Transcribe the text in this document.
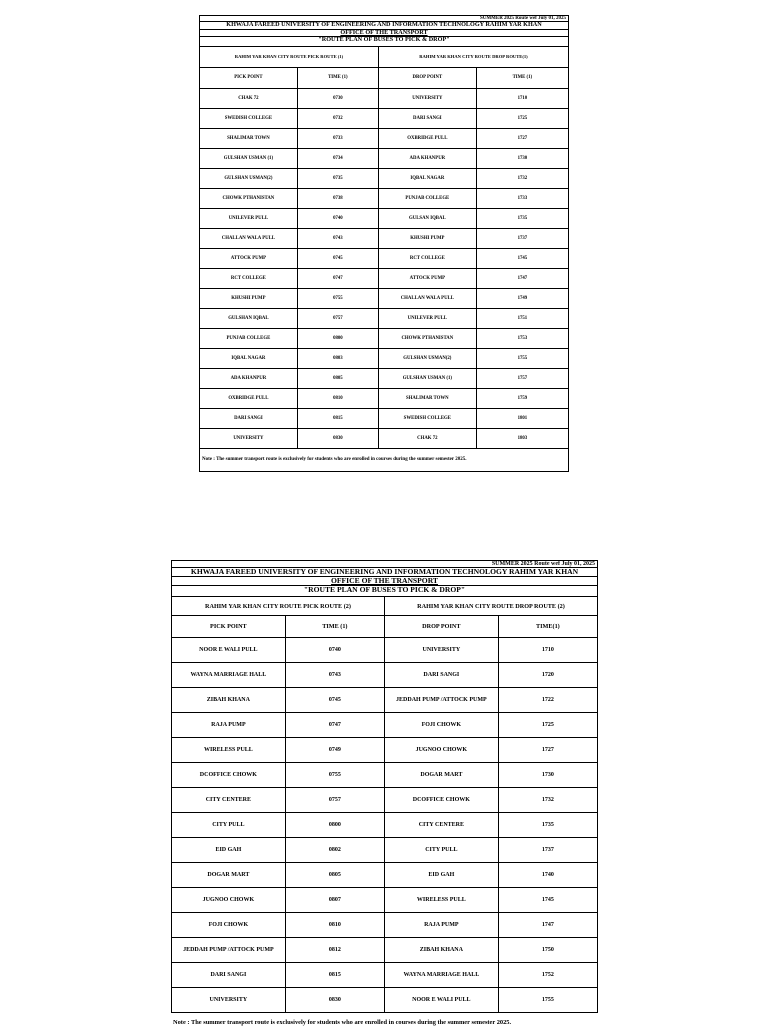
SUMMER 2025 Route wef July 01, 2025			
KHWAJA FAREED UNIVERSITY OF ENGINEERING AND INFORMATION TECHNOLOGY RAHIM YAR KHAN			
OFFICE OF THE TRANSPORT			
"ROUTE PLAN OF BUSES TO PICK & DROP"			
RAHIM YAR KHAN CITY ROUTE PICK ROUTE (1)		RAHIM YAR KHAN CITY ROUTE DROP ROUTE(1)	
PICK POINT	TIME (1)	DROP POINT	TIME (1)
CHAK 72	0730	UNIVERSITY	1710
SWEDISH COLLEGE	0732	DARI SANGI	1725
SHALIMAR TOWN	0733	OXBRIDGE PULL	1727
GULSHAN USMAN (1)	0734	ADA KHANPUR	1730
GULSHAN USMAN(2)	0735	IQBAL NAGAR	1732
CHOWK PTHANISTAN	0738	PUNJAB COLLEGE	1733
UNILEVER PULL	0740	GULSAN IQBAL	1735
CHALLAN WALA PULL	0743	KHUSHI PUMP	1737
ATTOCK PUMP	0745	RCT COLLEGE	1745
RCT COLLEGE	0747	ATTOCK PUMP	1747
KHUSHI PUMP	0755	CHALLAN WALA PULL	1749
GULSHAN IQBAL	0757	UNILEVER PULL	1751
PUNJAB COLLEGE	0800	CHOWK PTHANISTAN	1753
IQBAL NAGAR	0803	GULSHAN USMAN(2)	1755
ADA KHANPUR	0805	GULSHAN USMAN (1)	1757
OXBRIDGE PULL	0810	SHALIMAR TOWN	1759
DARI SANGI	0815	SWEDISH COLLEGE	1801
UNIVERSITY	0830	CHAK 72	1803
Note : The summer transport route is exclusively for students who are enrolled in courses during the summer semester 2025.
SUMMER 2025 Route wef July 01, 2025			
KHWAJA FAREED UNIVERSITY OF ENGINEERING AND INFORMATION TECHNOLOGY RAHIM YAR KHAN			
OFFICE OF THE TRANSPORT			
"ROUTE PLAN OF BUSES TO PICK & DROP"			
RAHIM YAR KHAN CITY ROUTE PICK ROUTE (2)		RAHIM YAR KHAN CITY ROUTE DROP ROUTE (2)	
PICK POINT	TIME (1)	DROP POINT	TIME(1)
NOOR E WALI PULL	0740	UNIVERSITY	1710
WAYNA MARRIAGE HALL	0743	DARI SANGI	1720
ZIBAH KHANA	0745	JEDDAH PUMP /ATTOCK PUMP	1722
RAJA PUMP	0747	FOJI CHOWK	1725
WIRELESS PULL	0749	JUGNOO CHOWK	1727
DCOFFICE CHOWK	0755	DOGAR MART	1730
CITY CENTERE	0757	DCOFFICE CHOWK	1732
CITY PULL	0800	CITY CENTERE	1735
EID GAH	0802	CITY PULL	1737
DOGAR MART	0805	EID GAH	1740
JUGNOO CHOWK	0807	WIRELESS PULL	1745
FOJI CHOWK	0810	RAJA PUMP	1747
JEDDAH PUMP /ATTOCK PUMP	0812	ZIBAH KHANA	1750
DARI SANGI	0815	WAYNA MARRIAGE HALL	1752
UNIVERSITY	0830	NOOR E WALI PULL	1755
Note : The summer transport route is exclusively for students who are enrolled in courses during the summer semester 2025.
